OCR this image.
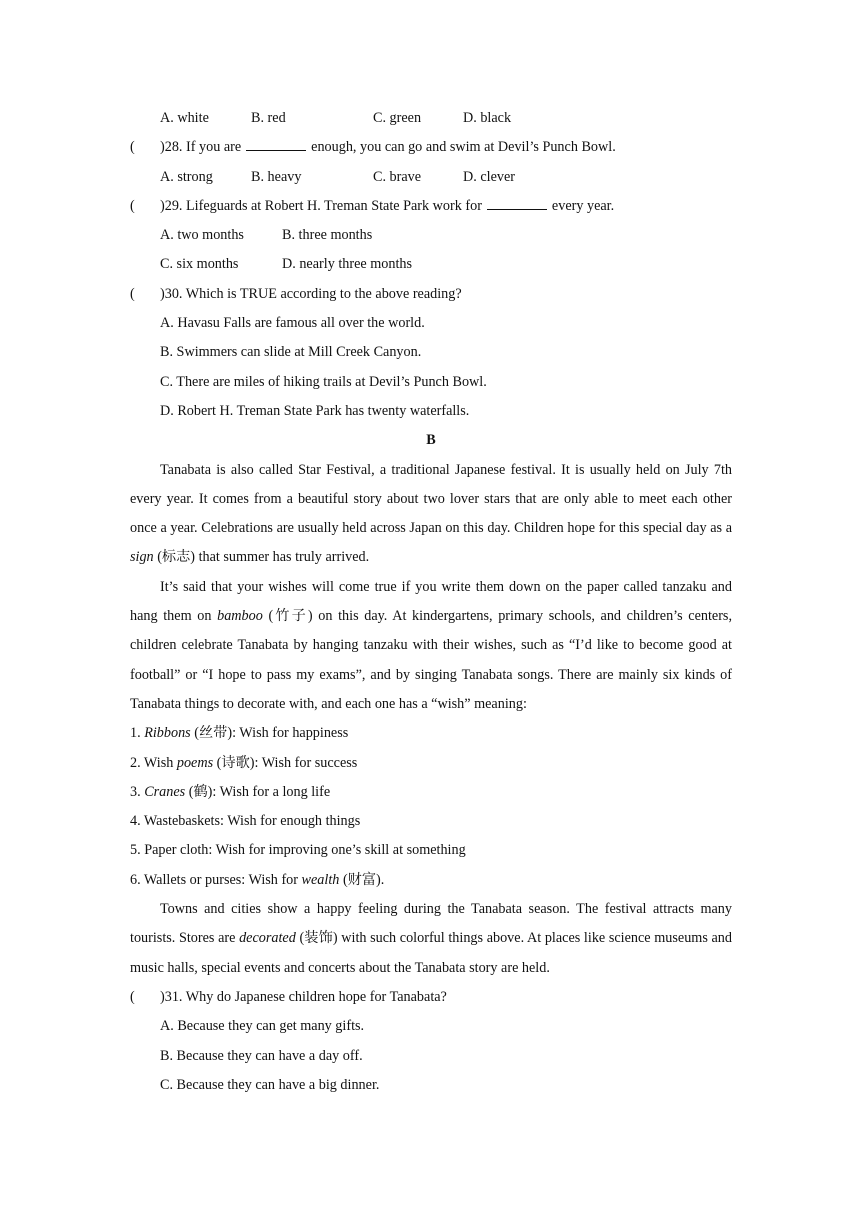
A. white	B. red	C. green	D. black
( )28. If you are	enough, you can go and swim at Devil’s Punch Bowl.
A. strong	B. heavy	C. brave	D. clever
( )29. Lifeguards at Robert H. Treman State Park work for	every year.
A. two months	B. three months
C. six months	D. nearly three months
( )30. Which is TRUE according to the above reading?
A. Havasu Falls are famous all over the world.
B. Swimmers can slide at Mill Creek Canyon.
C. There are miles of hiking trails at Devil’s Punch Bowl.
D. Robert H. Treman State Park has twenty waterfalls.
B

Tanabata is also called Star Festival, a traditional Japanese festival. It is usually held on July 7th every year. It comes from a beautiful story about two lover stars that are only able to meet each other once a year. Celebrations are usually held across Japan on this day. Children hope for this special day as a sign (标志) that summer has truly arrived.

It’s said that your wishes will come true if you write them down on the paper called tanzaku and hang them on bamboo (竹子) on this day. At kindergartens, primary schools, and children’s centers, children celebrate Tanabata by hanging tanzaku with their wishes, such as “I’d like to become good at football” or “I hope to pass my exams”, and by singing Tanabata songs. There are mainly six kinds of Tanabata things to decorate with, and each one has a “wish” meaning:

1. Ribbons (丝带): Wish for happiness
2. Wish poems (诗歌): Wish for success
3. Cranes (鹤): Wish for a long life
4. Wastebaskets: Wish for enough things
5. Paper cloth: Wish for improving one’s skill at something
6. Wallets or purses: Wish for wealth (财富).

Towns and cities show a happy feeling during the Tanabata season. The festival attracts many tourists. Stores are decorated (装饰) with such colorful things above. At places like science museums and music halls, special events and concerts about the Tanabata story are held.

( )31. Why do Japanese children hope for Tanabata?
A. Because they can get many gifts.
B. Because they can have a day off.
C. Because they can have a big dinner.
